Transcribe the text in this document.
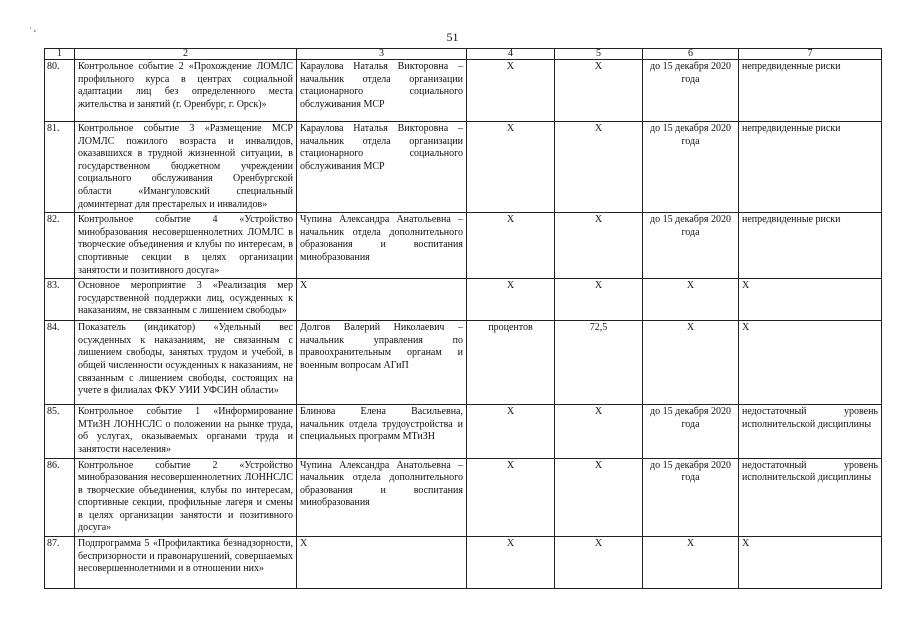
51
' ⸗
1	2	3	4	5	6	7
80.	Контрольное событие 2 «Прохождение ЛОМЛС профильного курса в центрах социальной адаптации лиц без определенного места жительства и занятий (г. Оренбург, г. Орск)»	Караулова Наталья Викторовна – начальник отдела организации стационарного социального обслуживания МСР	Х	Х	до 15 декабря 2020 года	непредвиденные риски
81.	Контрольное событие 3 «Размещение МСР ЛОМЛС пожилого возраста и инвалидов, оказавшихся в трудной жизненной ситуации, в государственном бюджетном учреждении социального обслуживания Оренбургской области «Имангуловский специальный доминтернат для престарелых и инвалидов»	Караулова Наталья Викторовна – начальник отдела организации стационарного социального обслуживания МСР	Х	Х	до 15 декабря 2020 года	непредвиденные риски
82.	Контрольное событие 4 «Устройство минобразования несовершеннолетних ЛОМЛС в творческие объединения и клубы по интересам, в спортивные секции в целях организации занятости и позитивного досуга»	Чупина Александра Анатольевна – начальник отдела дополнительного образования и воспитания минобразования	Х	Х	до 15 декабря 2020 года	непредвиденные риски
83.	Основное мероприятие 3 «Реализация мер государственной поддержки лиц, осужденных к наказаниям, не связанным с лишением свободы»	Х	Х	Х	Х	Х
84.	Показатель (индикатор) «Удельный вес осужденных к наказаниям, не связанным с лишением свободы, занятых трудом и учебой, в общей численности осужденных к наказаниям, не связанным с лишением свободы, состоящих на учете в филиалах ФКУ УИИ УФСИН области»	Долгов Валерий Николаевич – начальник управления по правоохранительным органам и военным вопросам АГиП	процентов	72,5	Х	Х
85.	Контрольное событие 1 «Информирование МТиЗН ЛОННСЛС о положении на рынке труда, об услугах, оказываемых органами труда и занятости населения»	Блинова Елена Васильевна, начальник отдела трудоустройства и специальных программ МТиЗН	Х	Х	до 15 декабря 2020 года	недостаточный уровень исполнительской дисциплины
86.	Контрольное событие 2 «Устройство минобразования несовершеннолетних ЛОННСЛС в творческие объединения, клубы по интересам, спортивные секции, профильные лагеря и смены в целях организации занятости и позитивного досуга»	Чупина Александра Анатольевна – начальник отдела дополнительного образования и воспитания минобразования	Х	Х	до 15 декабря 2020 года	недостаточный уровень исполнительской дисциплины
87.	Подпрограмма 5 «Профилактика безнадзорности, беспризорности и правонарушений, совершаемых несовершеннолетними и в отношении них»	Х	Х	Х	Х	Х
